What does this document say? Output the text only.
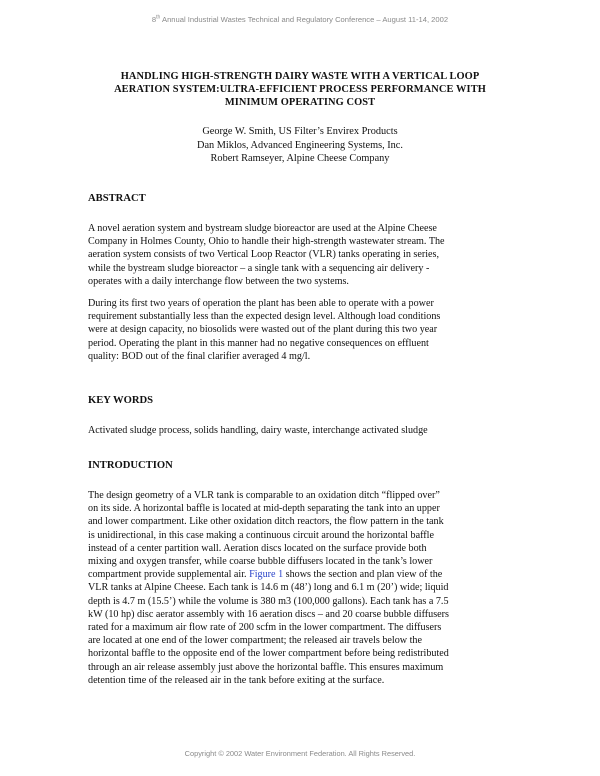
8th Annual Industrial Wastes Technical and Regulatory Conference – August 11-14, 2002
HANDLING HIGH-STRENGTH DAIRY WASTE WITH A VERTICAL LOOP
AERATION SYSTEM:ULTRA-EFFICIENT PROCESS PERFORMANCE WITH
MINIMUM OPERATING COST
George W. Smith, US Filter’s Envirex Products
Dan Miklos, Advanced Engineering Systems, Inc.
Robert Ramseyer, Alpine Cheese Company
ABSTRACT
A novel aeration system and bystream sludge bioreactor are used at the Alpine Cheese
Company in Holmes County, Ohio to handle their high-strength wastewater stream. The
aeration system consists of two Vertical Loop Reactor (VLR) tanks operating in series,
while the bystream sludge bioreactor – a single tank with a sequencing air delivery -
operates with a daily interchange flow between the two systems.
During its first two years of operation the plant has been able to operate with a power
requirement substantially less than the expected design level. Although load conditions
were at design capacity, no biosolids were wasted out of the plant during this two year
period. Operating the plant in this manner had no negative consequences on effluent
quality: BOD out of the final clarifier averaged 4 mg/l.
KEY WORDS
Activated sludge process, solids handling, dairy waste, interchange activated sludge
INTRODUCTION
The design geometry of a VLR tank is comparable to an oxidation ditch “flipped over”
on its side. A horizontal baffle is located at mid-depth separating the tank into an upper
and lower compartment. Like other oxidation ditch reactors, the flow pattern in the tank
is unidirectional, in this case making a continuous circuit around the horizontal baffle
instead of a center partition wall. Aeration discs located on the surface provide both
mixing and oxygen transfer, while coarse bubble diffusers located in the tank’s lower
compartment provide supplemental air. Figure 1 shows the section and plan view of the
VLR tanks at Alpine Cheese. Each tank is 14.6 m (48’) long and 6.1 m (20’) wide; liquid
depth is 4.7 m (15.5’) while the volume is 380 m3 (100,000 gallons). Each tank has a 7.5
kW (10 hp) disc aerator assembly with 16 aeration discs – and 20 coarse bubble diffusers
rated for a maximum air flow rate of 200 scfm in the lower compartment. The diffusers
are located at one end of the lower compartment; the released air travels below the
horizontal baffle to the opposite end of the lower compartment before being redistributed
through an air release assembly just above the horizontal baffle. This ensures maximum
detention time of the released air in the tank before exiting at the surface.
Copyright © 2002 Water Environment Federation. All Rights Reserved.
